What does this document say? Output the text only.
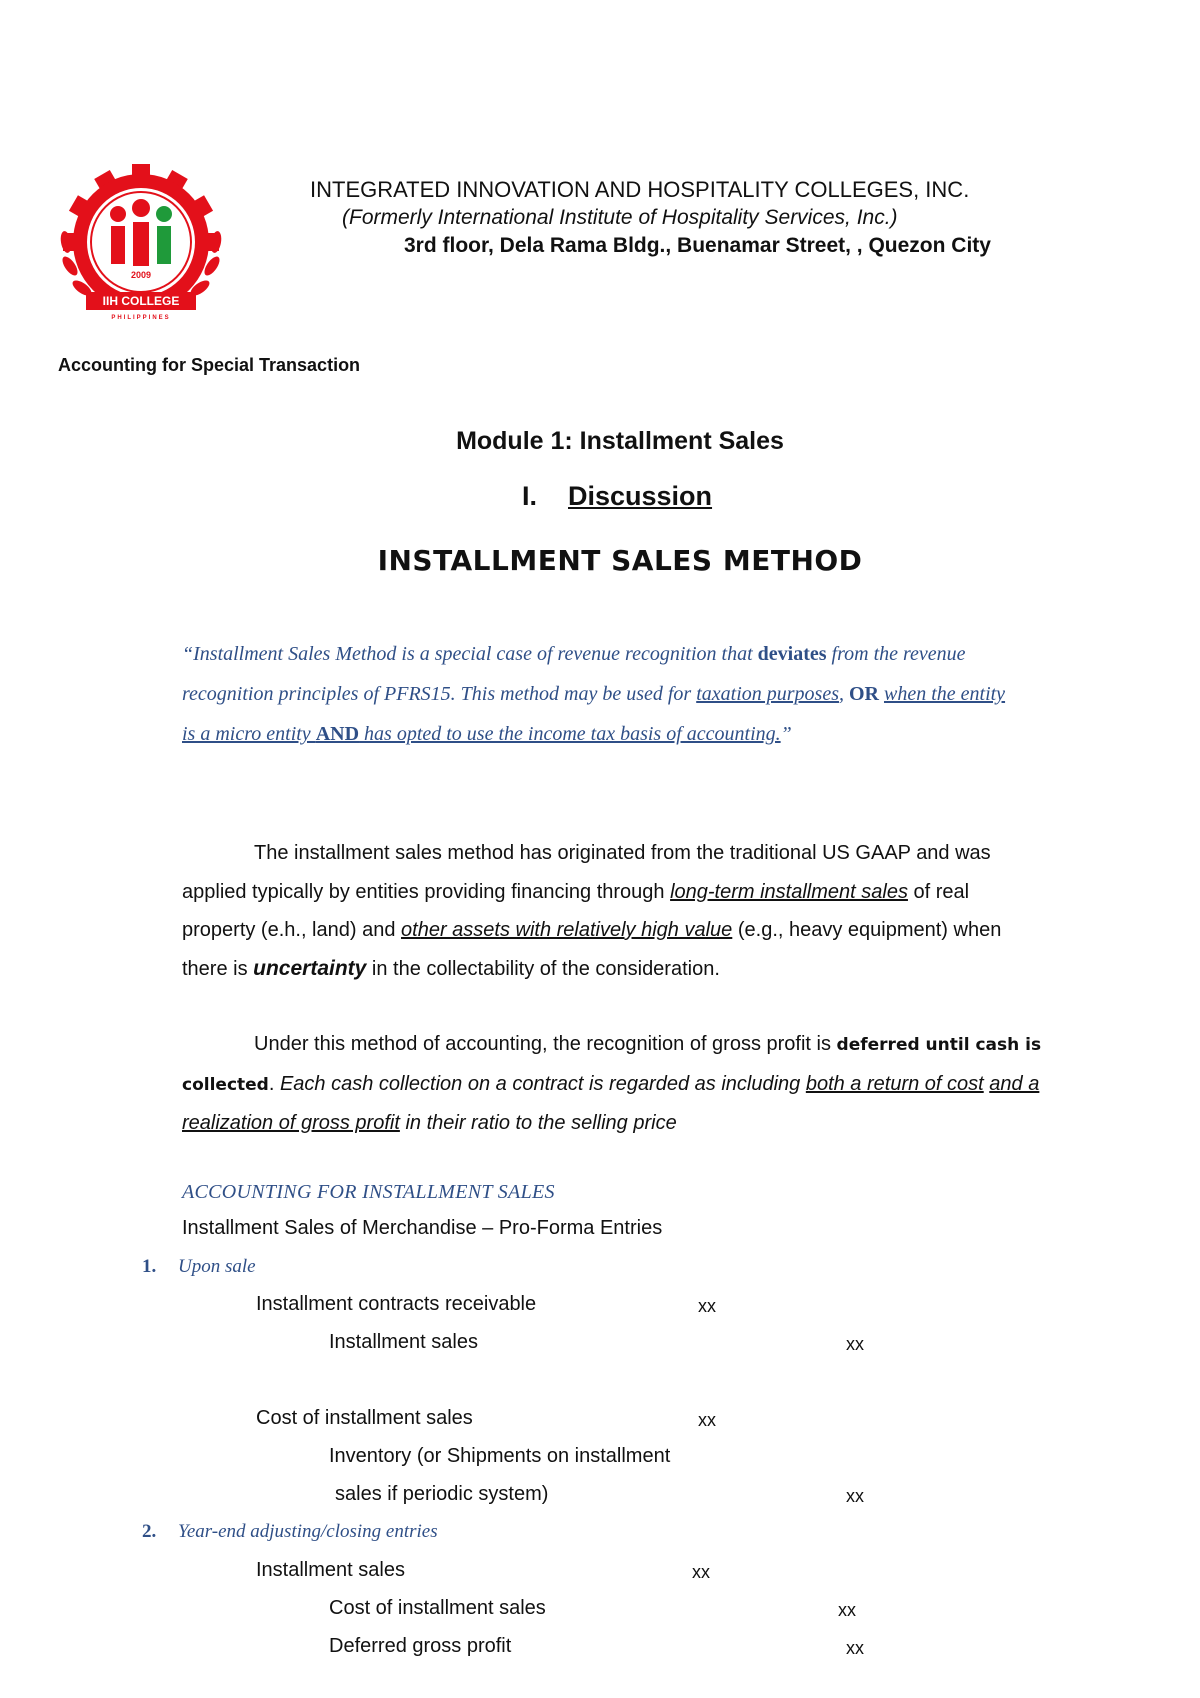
2009
IIH COLLEGE
PHILIPPINES
INTEGRATED INNOVATION AND HOSPITALITY COLLEGES, INC.
(Formerly International Institute of Hospitality Services, Inc.)
3rd floor, Dela Rama Bldg., Buenamar Street, , Quezon City
Accounting for Special Transaction
Module 1: Installment Sales
I. Discussion
INSTALLMENT SALES METHOD
“Installment Sales Method is a special case of revenue recognition that deviates from the revenue recognition principles of PFRS15. This method may be used for taxation purposes, OR when the entity is a micro entity AND has opted to use the income tax basis of accounting.”
The installment sales method has originated from the traditional US GAAP and was applied typically by entities providing financing through long-term installment sales of real property (e.h., land) and other assets with relatively high value (e.g., heavy equipment) when there is uncertainty in the collectability of the consideration.
Under this method of accounting, the recognition of gross profit is deferred until cash is collected. Each cash collection on a contract is regarded as including both a return of cost and a realization of gross profit in their ratio to the selling price
ACCOUNTING FOR INSTALLMENT SALES
Installment Sales of Merchandise – Pro-Forma Entries
1. Upon sale
Installment contracts receivable	xx
Installment sales	xx
Cost of installment sales	xx
Inventory (or Shipments on installment
sales if periodic system)	xx
2. Year-end adjusting/closing entries
Installment sales	xx
Cost of installment sales	xx
Deferred gross profit	xx
